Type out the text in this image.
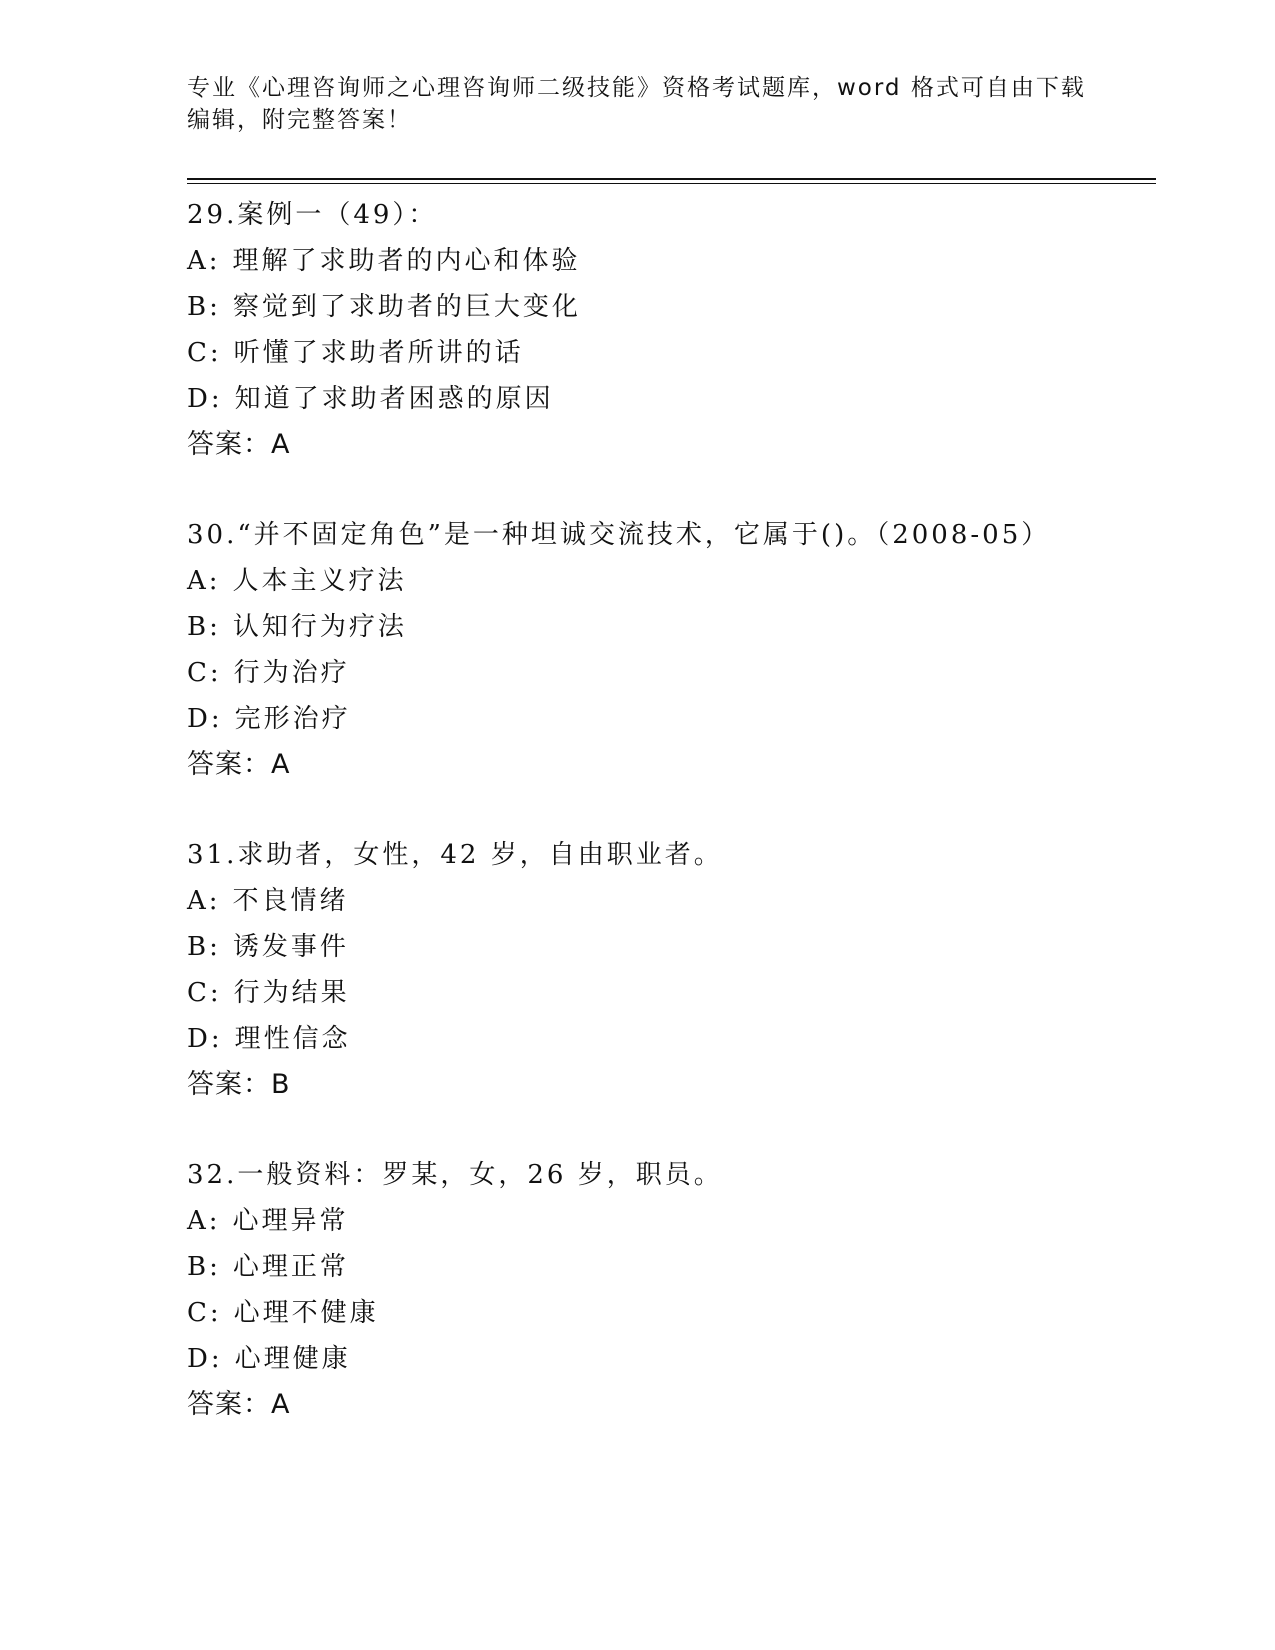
专业《心理咨询师之心理咨询师二级技能》资格考试题库，word 格式可自由下载
编辑，附完整答案！
29.案例一（49）：
A: 理解了求助者的内心和体验
B: 察觉到了求助者的巨大变化
C: 听懂了求助者所讲的话
D: 知道了求助者困惑的原因
答案：A
30.“并不固定角色”是一种坦诚交流技术，它属于()。（2008-05）
A: 人本主义疗法
B: 认知行为疗法
C: 行为治疗
D: 完形治疗
答案：A
31.求助者，女性，42 岁，自由职业者。
A: 不良情绪
B: 诱发事件
C: 行为结果
D: 理性信念
答案：B
32.一般资料：罗某，女，26 岁，职员。
A: 心理异常
B: 心理正常
C: 心理不健康
D: 心理健康
答案：A
